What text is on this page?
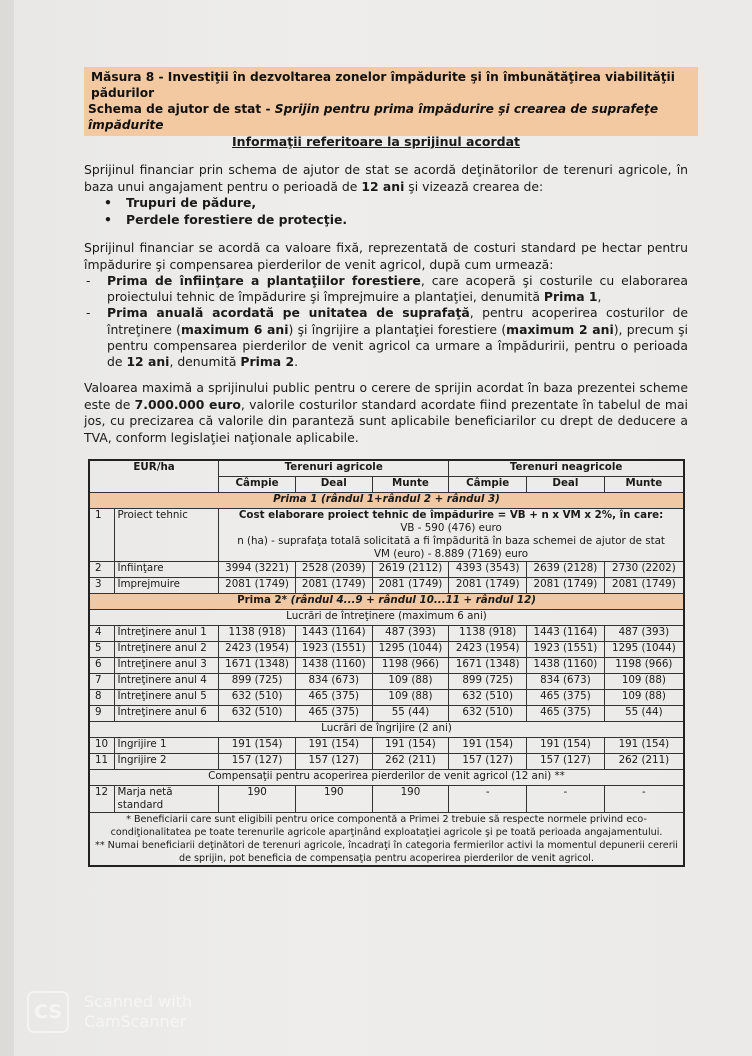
Măsura 8 - Investiţii în dezvoltarea zonelor împădurite şi în îmbunătăţirea viabilităţii pădurilor
Schema de ajutor de stat - Sprijin pentru prima împădurire şi crearea de suprafeţe împădurite
Informaţii referitoare la sprijinul acordat
Sprijinul financiar prin schema de ajutor de stat se acordă deţinătorilor de terenuri agricole, în baza unui angajament pentru o perioadă de 12 ani şi vizează crearea de:
• Trupuri de pădure,
• Perdele forestiere de protecţie.
Sprijinul financiar se acordă ca valoare fixă, reprezentată de costuri standard pe hectar pentru împădurire şi compensarea pierderilor de venit agricol, după cum urmează:
- Prima de înfiinţare a plantaţiilor forestiere, care acoperă şi costurile cu elaborarea proiectului tehnic de împădurire şi împrejmuire a plantaţiei, denumită Prima 1,
- Prima anuală acordată pe unitatea de suprafaţă, pentru acoperirea costurilor de întreţinere (maximum 6 ani) şi îngrijire a plantaţiei forestiere (maximum 2 ani), precum şi pentru compensarea pierderilor de venit agricol ca urmare a împăduririi, pentru o perioada de 12 ani, denumită Prima 2.
Valoarea maximă a sprijinului public pentru o cerere de sprijin acordat în baza prezentei scheme este de 7.000.000 euro, valorile costurilor standard acordate fiind prezentate în tabelul de mai jos, cu precizarea că valorile din paranteză sunt aplicabile beneficiarilor cu drept de deducere a TVA, conform legislaţiei naţionale aplicabile.
EUR/ha		Terenuri agricole			Terenuri neagricole		
		Câmpie	Deal	Munte	Câmpie	Deal	Munte
Prima 1 (rândul 1+rândul 2 + rândul 3)							
1	Proiect tehnic	Cost elaborare proiect tehnic de împădurire = VB + n x VM x 2%, în care:
VB - 590 (476) euro
n (ha) - suprafaţa totală solicitată a fi împădurită în baza schemei de ajutor de stat
VM (euro) - 8.889 (7169) euro					

2	Înfiinţare	3994 (3221)	2528 (2039)	2619 (2112)	4393 (3543)	2639 (2128)	2730 (2202)
3	Împrejmuire	2081 (1749)	2081 (1749)	2081 (1749)	2081 (1749)	2081 (1749)	2081 (1749)
Prima 2* (rândul 4...9 + rândul 10...11 + rândul 12)							
Lucrări de întreţinere (maximum 6 ani)							
4	Întreţinere anul 1	1138 (918)	1443 (1164)	487 (393)	1138 (918)	1443 (1164)	487 (393)
5	Întreţinere anul 2	2423 (1954)	1923 (1551)	1295 (1044)	2423 (1954)	1923 (1551)	1295 (1044)
6	Întreţinere anul 3	1671 (1348)	1438 (1160)	1198 (966)	1671 (1348)	1438 (1160)	1198 (966)
7	Întreţinere anul 4	899 (725)	834 (673)	109 (88)	899 (725)	834 (673)	109 (88)
8	Întreţinere anul 5	632 (510)	465 (375)	109 (88)	632 (510)	465 (375)	109 (88)
9	Întreţinere anul 6	632 (510)	465 (375)	55 (44)	632 (510)	465 (375)	55 (44)
Lucrări de îngrijire (2 ani)							
10	Îngrijire 1	191 (154)	191 (154)	191 (154)	191 (154)	191 (154)	191 (154)
11	Îngrijire 2	157 (127)	157 (127)	262 (211)	157 (127)	157 (127)	262 (211)
Compensaţii pentru acoperirea pierderilor de venit agricol (12 ani) **							
12	Marja netă standard	190	190	190	-	-	-

* Beneficiarii care sunt eligibili pentru orice componentă a Primei 2 trebuie să respecte normele privind eco-condiţionalitatea pe toate terenurile agricole aparţinând exploataţiei agricole şi pe toată perioada angajamentului.
** Numai beneficiarii deţinători de terenuri agricole, încadraţi în categoria fermierilor activi la momentul depunerii cererii de sprijin, pot beneficia de compensaţia pentru acoperirea pierderilor de venit agricol.							
CS	Scanned with
CamScanner
